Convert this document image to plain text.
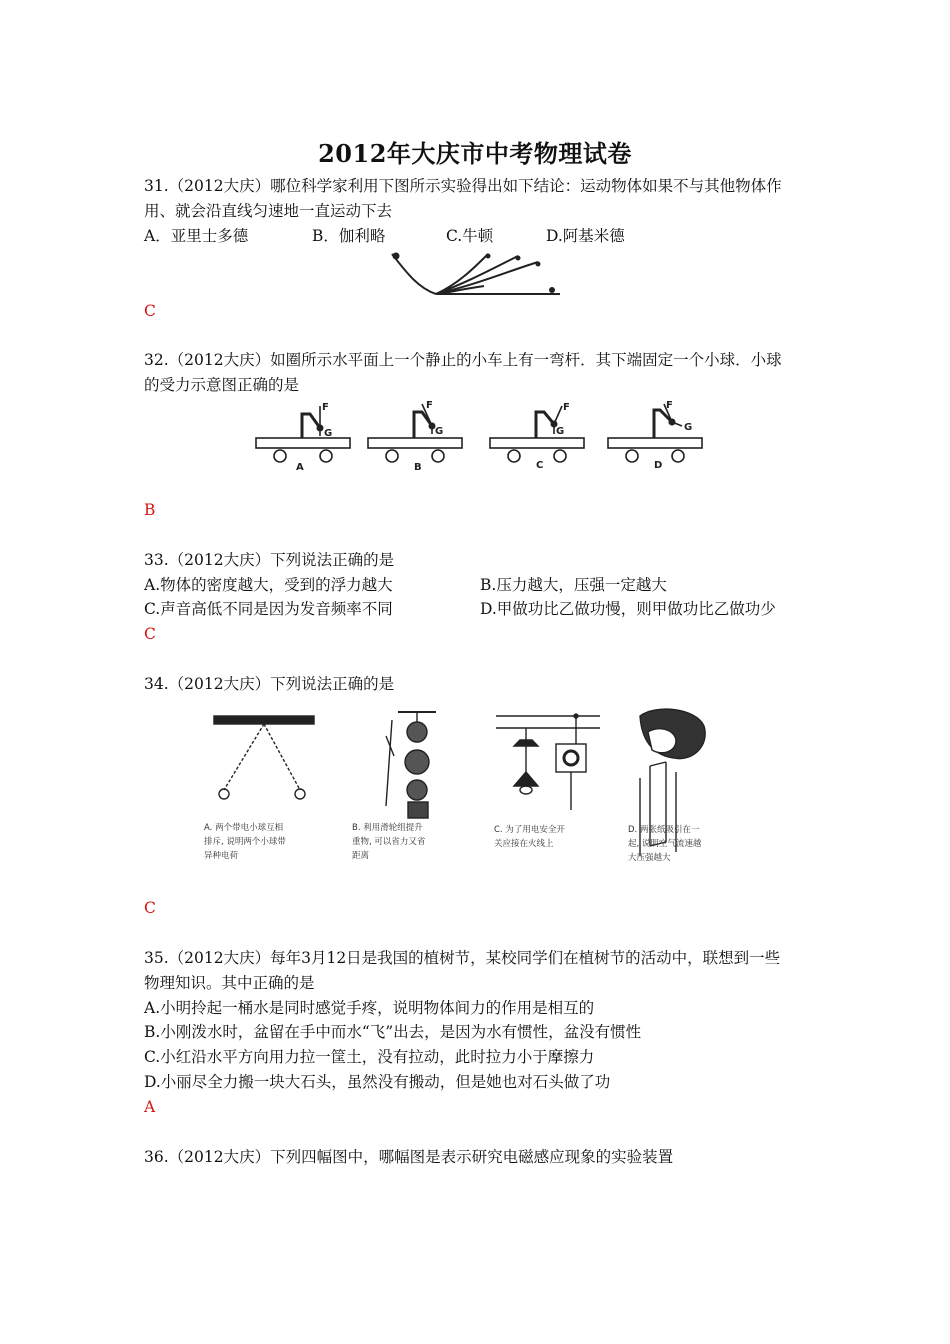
2012年大庆市中考物理试卷
31.（2012大庆）哪位科学家利用下图所示实验得出如下结论：运动物体如果不与其他物体作
用、就会沿直线匀速地一直运动下去
A．亚里士多德	B．伽利略	C.牛顿	D.阿基米德
C
32.（2012大庆）如圈所示水平面上一个静止的小车上有一弯杆．其下端固定一个小球．小球
的受力示意图正确的是
F
G
F
G
F
G
F
G
A	B	C	D
B
33.（2012大庆）下列说法正确的是
A.物体的密度越大，受到的浮力越大	B.压力越大，压强一定越大
C.声音高低不同是因为发音频率不同	D.甲做功比乙做功慢，则甲做功比乙做功少
C
34.（2012大庆）下列说法正确的是
A. 两个带电小球互相
排斥, 说明两个小球带
异种电荷
B. 利用滑轮组提升
重物, 可以省力又省
距离
C. 为了用电安全开
关应接在火线上
D. 两张纸吸引在一
起, 说明空气流速越
大压强越大
C
35.（2012大庆）每年3月12日是我国的植树节，某校同学们在植树节的活动中，联想到一些
物理知识。其中正确的是
A.小明拎起一桶水是同时感觉手疼，说明物体间力的作用是相互的
B.小刚泼水时，盆留在手中而水“飞”出去，是因为水有惯性，盆没有惯性
C.小红沿水平方向用力拉一筐土，没有拉动，此时拉力小于摩擦力
D.小丽尽全力搬一块大石头，虽然没有搬动，但是她也对石头做了功
A
36.（2012大庆）下列四幅图中，哪幅图是表示研究电磁感应现象的实验装置
